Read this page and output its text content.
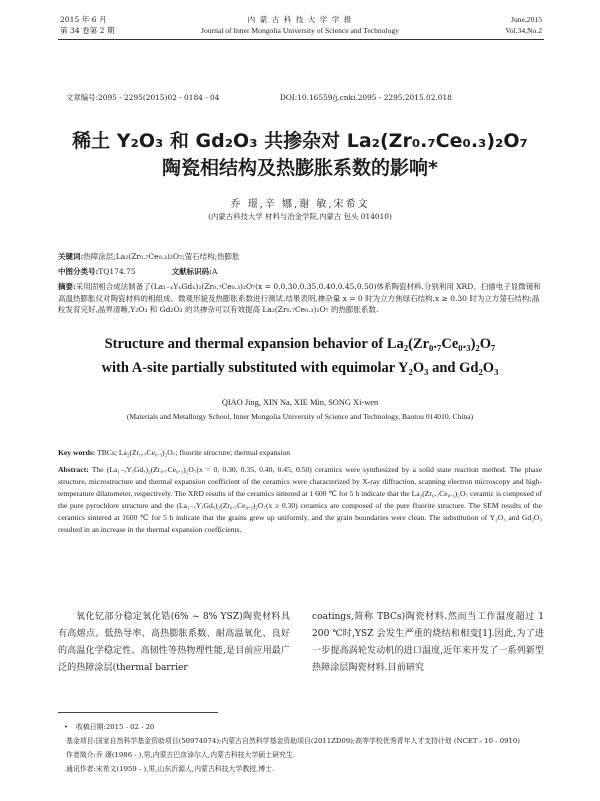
2015 年 6 月
第 34 卷第 2 期
内 蒙 古 科 技 大 学 学 报
Journal of Inner Mongolia University of Science and Technology
June,2015
Vol.34,No.2
文章编号:2095 - 2295(2015)02 - 0184 - 04	DOI:10.16559/j.cnki.2095 - 2295.2015.02.018
稀土 Y₂O₃ 和 Gd₂O₃ 共掺杂对 La₂(Zr₀.₇Ce₀.₃)₂O₇
陶瓷相结构及热膨胀系数的影响*
乔 璟,辛 娜,谢 敏,宋希文
(内蒙古科技大学 材料与冶金学院,内蒙古 包头 014010)
关键词:热障涂层;La₂(Zr₀.₇Ce₀.₃)₂O₇;萤石结构;热膨胀
中图分类号:TQ174.75	文献标识码:A
摘要:采用固相合成法制备了(La₁₋ₓYₓGdₓ)₂(Zr₀.₇Ce₀.₃)₂O₇(x = 0,0.30,0.35,0.40,0.45,0.50)体系陶瓷材料.分别利用 XRD、扫描电子显微镜和高温热膨胀仪对陶瓷材料的相组成、微观形貌及热膨胀系数进行测试.结果表明,掺杂量 x = 0 时为立方焦绿石结构,x ≥ 0.30 时为立方萤石结构;晶粒发育完好,晶界清晰,Y₂O₃ 和 Gd₂O₃ 的共掺杂可以有效提高 La₂(Zr₀.₇Ce₀.₃)₂O₇ 的热膨胀系数.
Structure and thermal expansion behavior of La₂(Zr₀.₇Ce₀.₃)₂O₇
with A-site partially substituted with equimolar Y₂O₃ and Gd₂O₃
QIAO Jing, XIN Na, XIE Min, SONG Xi-wen
(Materials and Metallurgy School, Inner Mongolia University of Science and Technology, Baotou 014010, China)
Key words: TBCs; La₂(Zr₀.₇Ce₀.₃)₂O₇; fluorite structure; thermal expansion
Abstract: The (La₁₋ₓYₓGdₓ)₂(Zr₀.₇Ce₀.₃)₂O₇(x = 0, 0.30, 0.35, 0.40, 0.45, 0.50) ceramics were synthesized by a solid state reaction method. The phase structure, microstructure and thermal expansion coefficient of the ceramics were characterized by X-ray diffraction, scanning electron microscopy and high-temperature dilatometer, respectively. The XRD results of the ceramics sintered at 1 600 ℃ for 5 h indicate that the La₂(Zr₀.₇Ce₀.₃)₂O₇ ceramic is composed of the pure pyrochlore structure and the (La₁₋ₓYₓGdₓ)₂(Zr₀.₇Ce₀.₃)₂O₇(x ≥ 0.30) ceramics are composed of the pure fluorite structure. The SEM results of the ceramics sintered at 1600 ℃ for 5 h indicate that the grains grew up uniformly, and the grain boundaries were clean. The substitution of Y₂O₃ and Gd₂O₃ resulted in an increase in the thermal expansion coefficients.
氧化钇部分稳定氧化锆(6% ~ 8% YSZ)陶瓷材料具有高熔点、低热导率、高热膨胀系数、耐高温氧化、良好的高温化学稳定性、高韧性等热物理性能,是目前应用最广泛的热障涂层(thermal barrier
coatings,简称 TBCs)陶瓷材料.然而当工作温度超过 1 200 ℃时,YSZ 会发生严重的烧结和相变[1].因此,为了进一步提高涡轮发动机的进口温度,近年来开发了一系列新型热障涂层陶瓷材料.目前研究
• 收稿日期:2015 - 02 - 20
基金项目:国家自然科学基金资助项目(50974074);内蒙古自然科学基金资助项目(2011ZD09);高等学校优秀青年人才支持计划 (NCET - 10 - 0910)
作者简介:乔 璟(1986 - ),男,内蒙古巴彦淖尔人,内蒙古科技大学硕士研究生.
通讯作者:宋希文(1959 - ),男,山东沂源人,内蒙古科技大学教授,博士.
